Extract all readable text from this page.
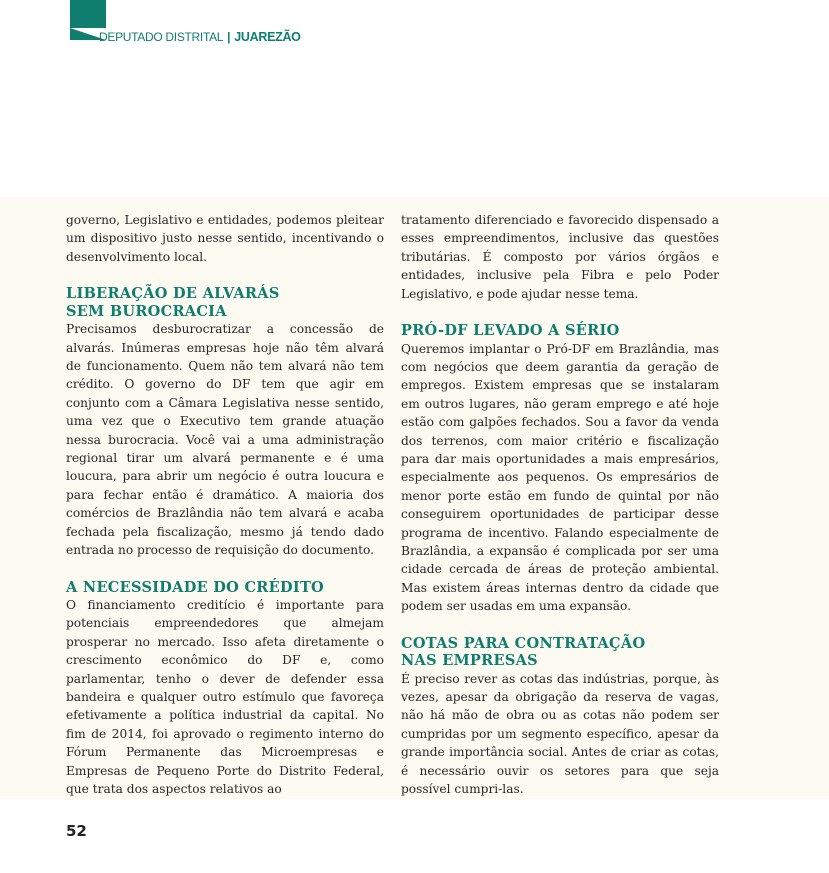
DEPUTADO DISTRITAL | JUAREZÃO

governo, Legislativo e entidades, podemos pleitear um dispositivo justo nesse sentido, incentivando o desenvolvimento local.

LIBERAÇÃO DE ALVARÁS
SEM BUROCRACIA

Precisamos desburocratizar a concessão de alvarás. Inúmeras empresas hoje não têm alvará de funcionamento. Quem não tem alvará não tem crédito. O governo do DF tem que agir em conjunto com a Câmara Legislativa nesse sentido, uma vez que o Executivo tem grande atuação nessa burocracia. Você vai a uma administração regional tirar um alvará permanente e é uma loucura, para abrir um negócio é outra loucura e para fechar então é dramático. A maioria dos comércios de Brazlândia não tem alvará e acaba fechada pela fiscalização, mesmo já tendo dado entrada no processo de requisição do documento.

A NECESSIDADE DO CRÉDITO

O financiamento creditício é importante para potenciais empreendedores que almejam prosperar no mercado. Isso afeta diretamente o crescimento econômico do DF e, como parlamentar, tenho o dever de defender essa bandeira e qualquer outro estímulo que favoreça efetivamente a política industrial da capital. No fim de 2014, foi aprovado o regimento interno do Fórum Permanente das Microempresas e Empresas de Pequeno Porte do Distrito Federal, que trata dos aspectos relativos ao

tratamento diferenciado e favorecido dispensado a esses empreendimentos, inclusive das questões tributárias. É composto por vários órgãos e entidades, inclusive pela Fibra e pelo Poder Legislativo, e pode ajudar nesse tema.

PRÓ-DF LEVADO A SÉRIO

Queremos implantar o Pró-DF em Brazlândia, mas com negócios que deem garantia da geração de empregos. Existem empresas que se instalaram em outros lugares, não geram emprego e até hoje estão com galpões fechados. Sou a favor da venda dos terrenos, com maior critério e fiscalização para dar mais oportunidades a mais empresários, especialmente aos pequenos. Os empresários de menor porte estão em fundo de quintal por não conseguirem oportunidades de participar desse programa de incentivo. Falando especialmente de Brazlândia, a expansão é complicada por ser uma cidade cercada de áreas de proteção ambiental. Mas existem áreas internas dentro da cidade que podem ser usadas em uma expansão.

COTAS PARA CONTRATAÇÃO
NAS EMPRESAS

É preciso rever as cotas das indústrias, porque, às vezes, apesar da obrigação da reserva de vagas, não há mão de obra ou as cotas não podem ser cumpridas por um segmento específico, apesar da grande importância social. Antes de criar as cotas, é necessário ouvir os setores para que seja possível cumpri-las.

52
